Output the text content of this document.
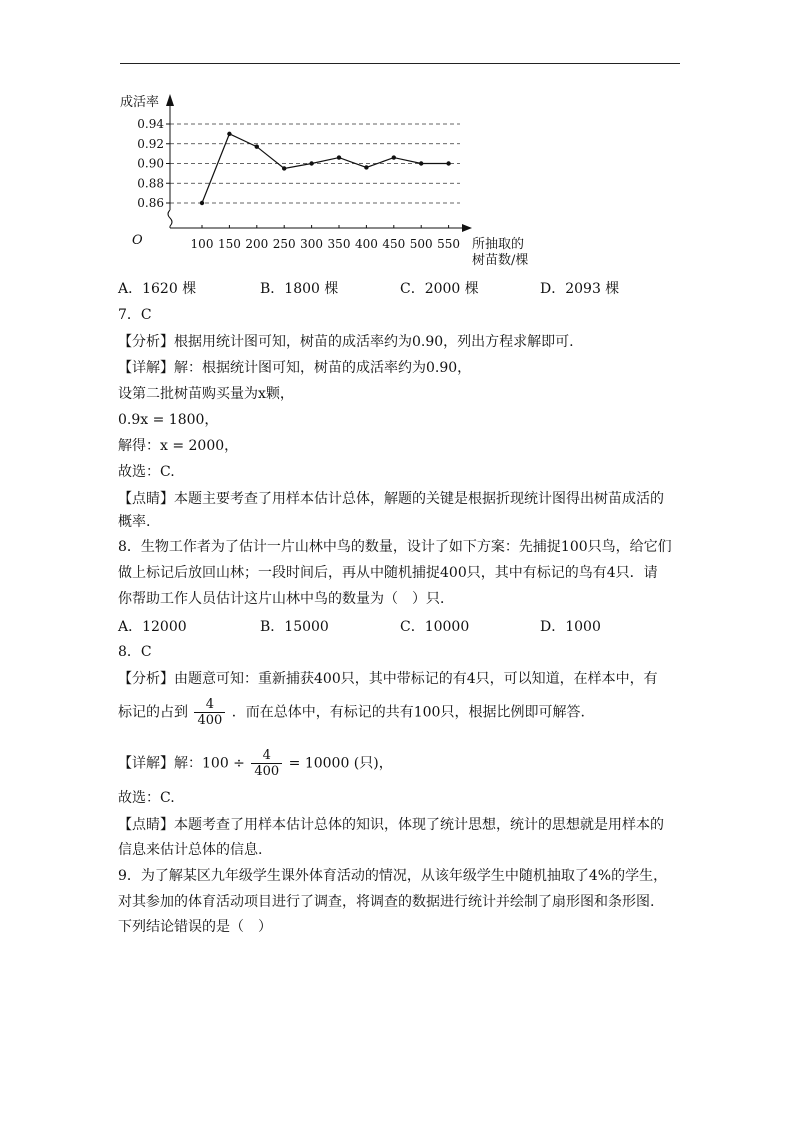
0.86
0.88
0.90
0.92
0.94
100 150 200 250 300 350 400 450 500 550
成活率
O	所抽取的
树苗数/棵
A．1620 棵	B．1800 棵	C．2000 棵	D．2093 棵
7．C
【分析】根据用统计图可知，树苗的成活率约为0.90，列出方程求解即可.
【详解】解：根据统计图可知，树苗的成活率约为0.90，
设第二批树苗购买量为x颗，
0.9x = 1800，
解得：x = 2000，
故选：C.
【点睛】本题主要考查了用样本估计总体，解题的关键是根据折现统计图得出树苗成活的
概率.
8．生物工作者为了估计一片山林中鸟的数量，设计了如下方案：先捕捉100只鸟，给它们
做上标记后放回山林；一段时间后，再从中随机捕捉400只，其中有标记的鸟有4只．请
你帮助工作人员估计这片山林中鸟的数量为（　）只．
A．12000	B．15000	C．10000	D．1000
8．C
【分析】由题意可知：重新捕获400只，其中带标记的有4只，可以知道，在样本中，有
标记的占到 $\frac{4}{400}$ ．而在总体中，有标记的共有100只，根据比例即可解答.
【详解】解：$100 \div \frac{4}{400} = 10000$ (只)，
故选：C.
【点睛】本题考查了用样本估计总体的知识，体现了统计思想，统计的思想就是用样本的
信息来估计总体的信息.
9．为了解某区九年级学生课外体育活动的情况，从该年级学生中随机抽取了4%的学生，
对其参加的体育活动项目进行了调查，将调查的数据进行统计并绘制了扇形图和条形图.
下列结论错误的是（　）
